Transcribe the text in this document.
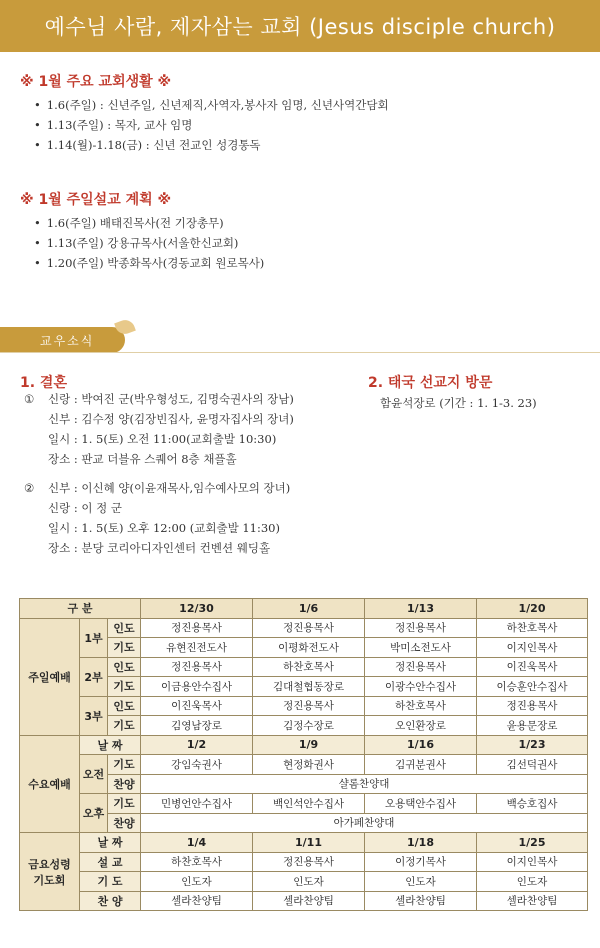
예수님 사람, 제자삼는 교회 (Jesus disciple church)
※ 1월 주요 교회생활 ※
• 1.6(주일) : 신년주일, 신년제직,사역자,봉사자 임명, 신년사역간담회
• 1.13(주일) : 목자, 교사 임명
• 1.14(월)-1.18(금) : 신년 전교인 성경통독
※ 1월 주일설교 계획 ※
• 1.6(주일) 배태진목사(전 기장총무)
• 1.13(주일) 강용규목사(서울한신교회)
• 1.20(주일) 박종화목사(경동교회 원로목사)
교우소식
1. 결혼
① 신랑 : 박여진 군(박우형성도, 김명숙권사의 장남)
신부 : 김수정 양(김장빈집사, 윤명자집사의 장녀)
일시 : 1. 5(토) 오전 11:00(교회출발 10:30)
장소 : 판교 더블유 스퀘어 8층 채플홀
② 신부 : 이신혜 양(이윤재목사,임수예사모의 장녀)
신랑 : 이 정 군
일시 : 1. 5(토) 오후 12:00 (교회출발 11:30)
장소 : 분당 코리아디자인센터 컨벤션 웨딩홀
2. 태국 선교지 방문
함윤석장로 (기간 : 1. 1-3. 23)
구 분			12/30	1/6	1/13	1/20
주일예배	1부	인도	정진용목사	정진용목사	정진용목사	하찬호목사
		기도	유현진전도사	이평화전도사	박미소전도사	이지인목사
	2부	인도	정진용목사	하찬호목사	정진용목사	이진욱목사
		기도	이금용안수집사	김대철협동장로	이광수안수집사	이승훈안수집사
	3부	인도	이진욱목사	정진용목사	하찬호목사	정진용목사
		기도	김영남장로	김정수장로	오인환장로	윤용문장로
수요예배	날 짜		1/2	1/9	1/16	1/23
	오전	기도	강임숙권사	현정화권사	김귀분권사	김선덕권사
		찬양	샬롬찬양대			
	오후	기도	민병언안수집사	백인석안수집사	오용택안수집사	백승호집사
		찬양	아가페찬양대			

금요성령
기도회	날 짜		1/4	1/11	1/18	1/25
	설 교		하찬호목사	정진용목사	이정기목사	이지인목사
	기 도		인도자	인도자	인도자	인도자
	찬 양		셀라찬양팀	셀라찬양팀	셀라찬양팀	셀라찬양팀
